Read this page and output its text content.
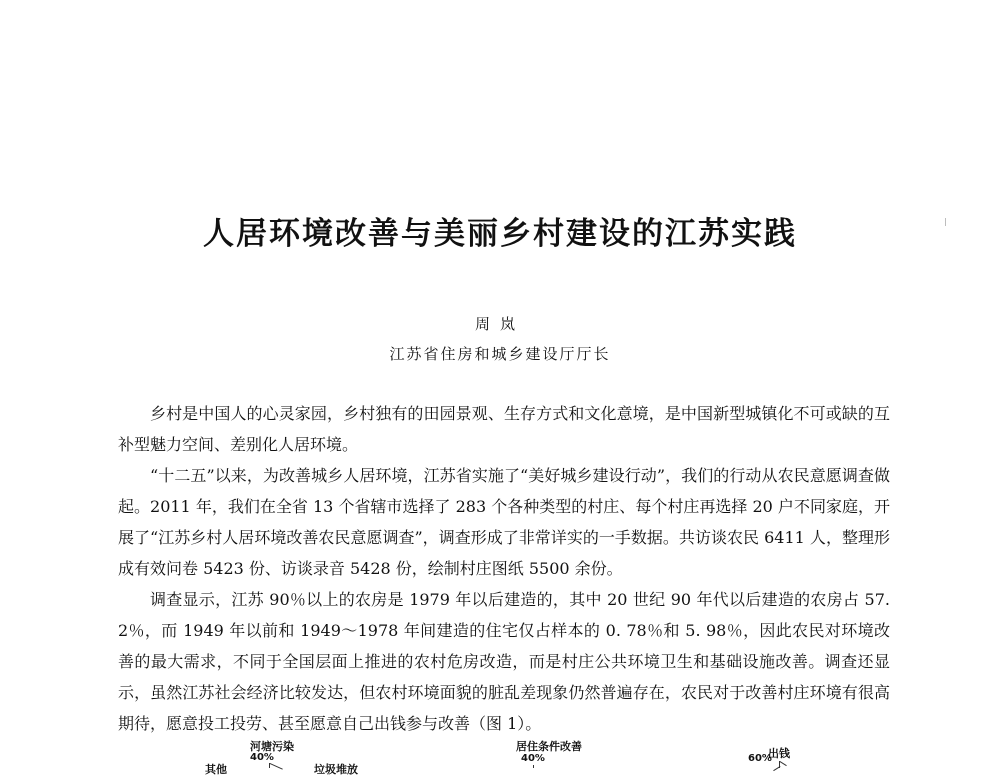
人居环境改善与美丽乡村建设的江苏实践
周岚
江苏省住房和城乡建设厅厅长

乡村是中国人的心灵家园，乡村独有的田园景观、生存方式和文化意境，是中国新型城镇化不可或缺的互补型魅力空间、差别化人居环境。

“十二五”以来，为改善城乡人居环境，江苏省实施了“美好城乡建设行动”，我们的行动从农民意愿调查做起。2011 年，我们在全省 13 个省辖市选择了 283 个各种类型的村庄、每个村庄再选择 20 户不同家庭，开展了“江苏乡村人居环境改善农民意愿调查”，调查形成了非常详实的一手数据。共访谈农民 6411 人，整理形成有效问卷 5423 份、访谈录音 5428 份，绘制村庄图纸 5500 余份。

调查显示，江苏 90％以上的农房是 1979 年以后建造的，其中 20 世纪 90 年代以后建造的农房占 57. 2％，而 1949 年以前和 1949～1978 年间建造的住宅仅占样本的 0. 78％和 5. 98％，因此农民对环境改善的最大需求，不同于全国层面上推进的农村危房改造，而是村庄公共环境卫生和基础设施改善。调查还显示，虽然江苏社会经济比较发达，但农村环境面貌的脏乱差现象仍然普遍存在，农民对于改善村庄环境有很高期待，愿意投工投劳、甚至愿意自己出钱参与改善（图 1）。

河塘污染
40%
其他	垃圾堆放
居住条件改善
40%	出钱
60%
